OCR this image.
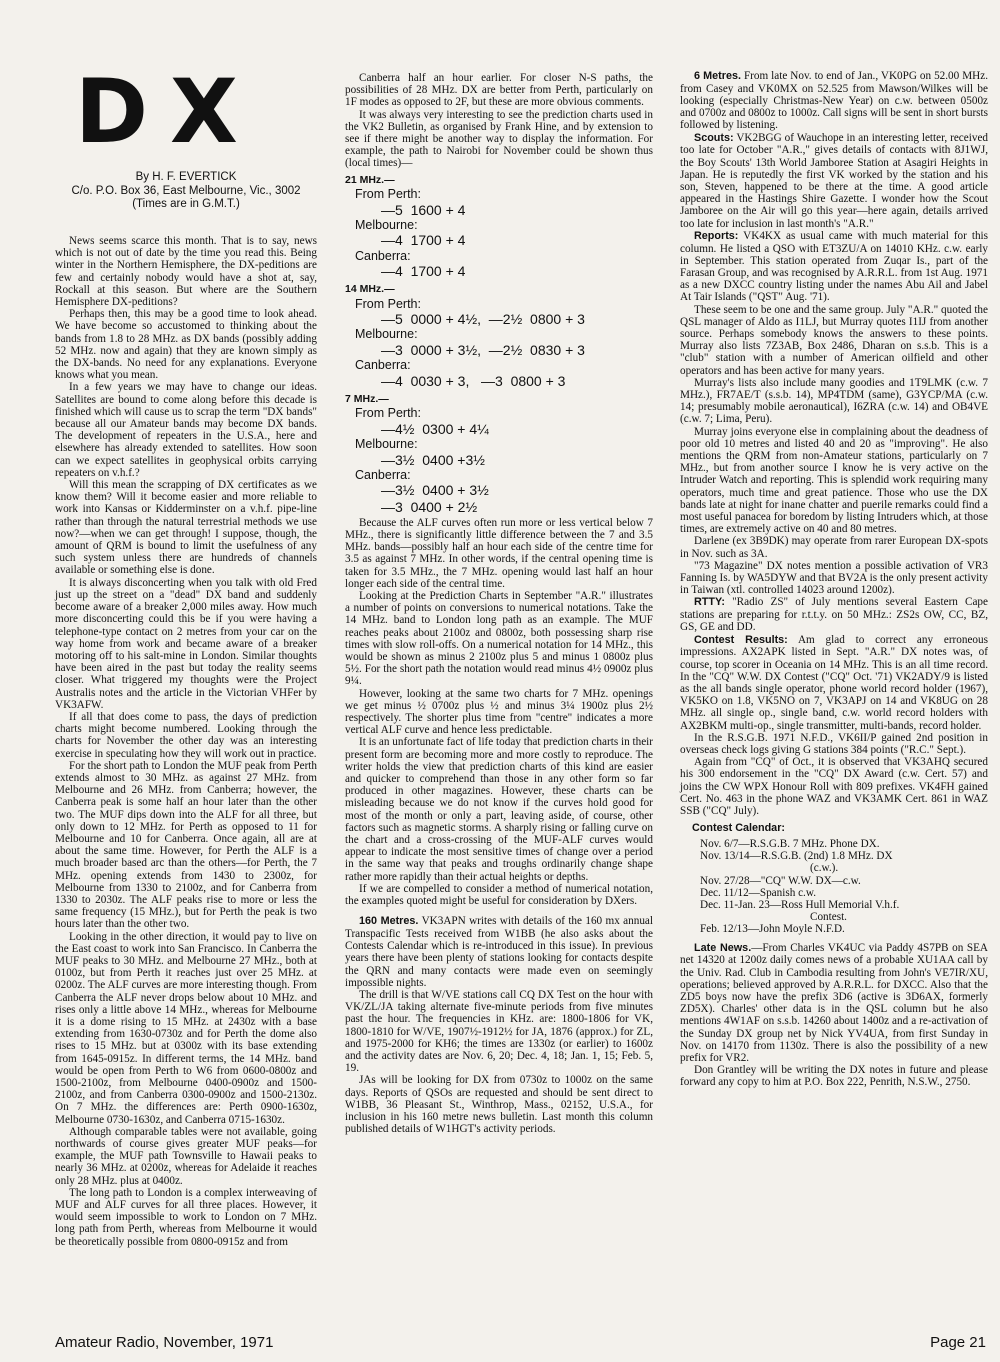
DX
By H. F. EVERTICK
C/o. P.O. Box 36, East Melbourne, Vic., 3002
(Times are in G.M.T.)

News seems scarce this month. That is to say, news which is not out of date by the time you read this. Being winter in the Northern Hemisphere, the DX-peditions are few and certainly nobody would have a shot at, say, Rockall at this season. But where are the Southern Hemisphere DX-peditions?

Perhaps then, this may be a good time to look ahead. We have become so accustomed to thinking about the bands from 1.8 to 28 MHz. as DX bands (possibly adding 52 MHz. now and again) that they are known simply as the DX-bands. No need for any explanations. Everyone knows what you mean.

In a few years we may have to change our ideas. Satellites are bound to come along before this decade is finished which will cause us to scrap the term "DX bands" because all our Amateur bands may become DX bands. The development of repeaters in the U.S.A., here and elsewhere has already extended to satellites. How soon can we expect satellites in geophysical orbits carrying repeaters on v.h.f.?

Will this mean the scrapping of DX certificates as we know them? Will it become easier and more reliable to work into Kansas or Kidderminster on a v.h.f. pipe-line rather than through the natural terrestrial methods we use now?—when we can get through! I suppose, though, the amount of QRM is bound to limit the usefulness of any such system unless there are hundreds of channels available or something else is done.

It is always disconcerting when you talk with old Fred just up the street on a "dead" DX band and suddenly become aware of a breaker 2,000 miles away. How much more disconcerting could this be if you were having a telephone-type contact on 2 metres from your car on the way home from work and became aware of a breaker motoring off to his salt-mine in London. Similar thoughts have been aired in the past but today the reality seems closer. What triggered my thoughts were the Project Australis notes and the article in the Victorian VHFer by VK3AFW.

If all that does come to pass, the days of prediction charts might become numbered. Looking through the charts for November the other day was an interesting exercise in speculating how they will work out in practice.

For the short path to London the MUF peak from Perth extends almost to 30 MHz. as against 27 MHz. from Melbourne and 26 MHz. from Canberra; however, the Canberra peak is some half an hour later than the other two. The MUF dips down into the ALF for all three, but only down to 12 MHz. for Perth as opposed to 11 for Melbourne and 10 for Canberra. Once again, all are at about the same time. However, for Perth the ALF is a much broader based arc than the others—for Perth, the 7 MHz. opening extends from 1430 to 2300z, for Melbourne from 1330 to 2100z, and for Canberra from 1330 to 2030z. The ALF peaks rise to more or less the same frequency (15 MHz.), but for Perth the peak is two hours later than the other two.

Looking in the other direction, it would pay to live on the East coast to work into San Francisco. In Canberra the MUF peaks to 30 MHz. and Melbourne 27 MHz., both at 0100z, but from Perth it reaches just over 25 MHz. at 0200z. The ALF curves are more interesting though. From Canberra the ALF never drops below about 10 MHz. and rises only a little above 14 MHz., whereas for Melbourne it is a dome rising to 15 MHz. at 2430z with a base extending from 1630-0730z and for Perth the dome also rises to 15 MHz. but at 0300z with its base extending from 1645-0915z. In different terms, the 14 MHz. band would be open from Perth to W6 from 0600-0800z and 1500-2100z, from Melbourne 0400-0900z and 1500-2100z, and from Canberra 0300-0900z and 1500-2130z. On 7 MHz. the differences are: Perth 0900-1630z, Melbourne 0730-1630z, and Canberra 0715-1630z.

Although comparable tables were not available, going northwards of course gives greater MUF peaks—for example, the MUF path Townsville to Hawaii peaks to nearly 36 MHz. at 0200z, whereas for Adelaide it reaches only 28 MHz. plus at 0400z.

The long path to London is a complex interweaving of MUF and ALF curves for all three places. However, it would seem impossible to work to London on 7 MHz. long path from Perth, whereas from Melbourne it would be theoretically possible from 0800-0915z and from

Canberra half an hour earlier. For closer N-S paths, the possibilities of 28 MHz. DX are better from Perth, particularly on 1F modes as opposed to 2F, but these are more obvious comments.

It was always very interesting to see the prediction charts used in the VK2 Bulletin, as organised by Frank Hine, and by extension to see if there might be another way to display the information. For example, the path to Nairobi for November could be shown thus (local times)—

21 MHz.—
From Perth:
—5  1600 + 4
Melbourne:
—4  1700 + 4
Canberra:
—4  1700 + 4
14 MHz.—
From Perth:
—5  0000 + 4½,  —2½  0800 + 3
Melbourne:
—3  0000 + 3½,  —2½  0830 + 3
Canberra:
—4  0030 + 3,   —3  0800 + 3
7 MHz.—
From Perth:
—4½  0300 + 4¼
Melbourne:
—3½  0400 +3½
Canberra:
—3½  0400 + 3½
—3  0400 + 2½

Because the ALF curves often run more or less vertical below 7 MHz., there is significantly little difference between the 7 and 3.5 MHz. bands—possibly half an hour each side of the centre time for 3.5 as against 7 MHz. In other words, if the central opening time is taken for 3.5 MHz., the 7 MHz. opening would last half an hour longer each side of the central time.

Looking at the Prediction Charts in September "A.R." illustrates a number of points on conversions to numerical notations. Take the 14 MHz. band to London long path as an example. The MUF reaches peaks about 2100z and 0800z, both possessing sharp rise times with slow roll-offs. On a numerical notation for 14 MHz., this would be shown as minus 2 2100z plus 5 and minus 1 0800z plus 5½. For the short path the notation would read minus 4½ 0900z plus 9¼.

However, looking at the same two charts for 7 MHz. openings we get minus ½ 0700z plus ½ and minus 3¼ 1900z plus 2½ respectively. The shorter plus time from "centre" indicates a more vertical ALF curve and hence less predictable.

It is an unfortunate fact of life today that prediction charts in their present form are becoming more and more costly to reproduce. The writer holds the view that prediction charts of this kind are easier and quicker to comprehend than those in any other form so far produced in other magazines. However, these charts can be misleading because we do not know if the curves hold good for most of the month or only a part, leaving aside, of course, other factors such as magnetic storms. A sharply rising or falling curve on the chart and a cross-crossing of the MUF-ALF curves would appear to indicate the most sensitive times of change over a period in the same way that peaks and troughs ordinarily change shape rather more rapidly than their actual heights or depths.

If we are compelled to consider a method of numerical notation, the examples quoted might be useful for consideration by DXers.

160 Metres. VK3APN writes with details of the 160 mx annual Transpacific Tests received from W1BB (he also asks about the Contests Calendar which is re-introduced in this issue). In previous years there have been plenty of stations looking for contacts despite the QRN and many contacts were made even on seemingly impossible nights.

The drill is that W/VE stations call CQ DX Test on the hour with VK/ZL/JA taking alternate five-minute periods from five minutes past the hour. The frequencies in KHz. are: 1800-1806 for VK, 1800-1810 for W/VE, 1907½-1912½ for JA, 1876 (approx.) for ZL, and 1975-2000 for KH6; the times are 1330z (or earlier) to 1600z and the activity dates are Nov. 6, 20; Dec. 4, 18; Jan. 1, 15; Feb. 5, 19.

JAs will be looking for DX from 0730z to 1000z on the same days. Reports of QSOs are requested and should be sent direct to W1BB, 36 Pleasant St., Winthrop, Mass., 02152, U.S.A., for inclusion in his 160 metre news bulletin. Last month this column published details of W1HGT's activity periods.

6 Metres. From late Nov. to end of Jan., VK0PG on 52.00 MHz. from Casey and VK0MX on 52.525 from Mawson/Wilkes will be looking (especially Christmas-New Year) on c.w. between 0500z and 0700z and 0800z to 1000z. Call signs will be sent in short bursts followed by listening.

Scouts: VK2BGG of Wauchope in an interesting letter, received too late for October "A.R.," gives details of contacts with 8J1WJ, the Boy Scouts' 13th World Jamboree Station at Asagiri Heights in Japan. He is reputedly the first VK worked by the station and his son, Steven, happened to be there at the time. A good article appeared in the Hastings Shire Gazette. I wonder how the Scout Jamboree on the Air will go this year—here again, details arrived too late for inclusion in last month's "A.R."

Reports: VK4KX as usual came with much material for this column. He listed a QSO with ET3ZU/A on 14010 KHz. c.w. early in September. This station operated from Zuqar Is., part of the Farasan Group, and was recognised by A.R.R.L. from 1st Aug. 1971 as a new DXCC country listing under the names Abu Ail and Jabel At Tair Islands ("QST" Aug. '71).

These seem to be one and the same group. July "A.R." quoted the QSL manager of Aldo as I1LJ, but Murray quotes I1IJ from another source. Perhaps somebody knows the answers to these points. Murray also lists 7Z3AB, Box 2486, Dharan on s.s.b. This is a "club" station with a number of American oilfield and other operators and has been active for many years.

Murray's lists also include many goodies and 1T9LMK (c.w. 7 MHz.), FR7AE/T (s.s.b. 14), MP4TDM (same), G3YCP/MA (c.w. 14; presumably mobile aeronautical), I6ZRA (c.w. 14) and OB4VE (c.w. 7; Lima, Peru).

Murray joins everyone else in complaining about the deadness of poor old 10 metres and listed 40 and 20 as "improving". He also mentions the QRM from non-Amateur stations, particularly on 7 MHz., but from another source I know he is very active on the Intruder Watch and reporting. This is splendid work requiring many operators, much time and great patience. Those who use the DX bands late at night for inane chatter and puerile remarks could find a most useful panacea for boredom by listing Intruders which, at those times, are extremely active on 40 and 80 metres.

Darlene (ex 3B9DK) may operate from rarer European DX-spots in Nov. such as 3A.

"73 Magazine" DX notes mention a possible activation of VR3 Fanning Is. by WA5DYW and that BV2A is the only present activity in Taiwan (xtl. controlled 14023 around 1200z).

RTTY: "Radio ZS" of July mentions several Eastern Cape stations are preparing for r.t.t.y. on 50 MHz.: ZS2s OW, CC, BZ, GS, GE and DD.

Contest Results: Am glad to correct any erroneous impressions. AX2APK listed in Sept. "A.R." DX notes was, of course, top scorer in Oceania on 14 MHz. This is an all time record. In the "CQ" W.W. DX Contest ("CQ" Oct. '71) VK2ADY/9 is listed as the all bands single operator, phone world record holder (1967), VK5KO on 1.8, VK5NO on 7, VK3APJ on 14 and VK8UG on 28 MHz. all single op., single band, c.w. world record holders with AX2BKM multi-op., single transmitter, multi-bands, record holder.

In the R.S.G.B. 1971 N.F.D., VK6II/P gained 2nd position in overseas check logs giving G stations 384 points ("R.C." Sept.).

Again from "CQ" of Oct., it is observed that VK3AHQ secured his 300 endorsement in the "CQ" DX Award (c.w. Cert. 57) and joins the CW WPX Honour Roll with 809 prefixes. VK4FH gained Cert. No. 463 in the phone WAZ and VK3AMK Cert. 861 in WAZ SSB ("CQ" July).

Contest Calendar:
Nov. 6/7—R.S.G.B. 7 MHz. Phone DX.
Nov. 13/14—R.S.G.B. (2nd) 1.8 MHz. DX
(c.w.).
Nov. 27/28—"CQ" W.W. DX—c.w.
Dec. 11/12—Spanish c.w.
Dec. 11-Jan. 23—Ross Hull Memorial V.h.f.
Contest.
Feb. 12/13—John Moyle N.F.D.

Late News.—From Charles VK4UC via Paddy 4S7PB on SEA net 14320 at 1200z daily comes news of a probable XU1AA call by the Univ. Rad. Club in Cambodia resulting from John's VE7IR/XU, operations; believed approved by A.R.R.L. for DXCC. Also that the ZD5 boys now have the prefix 3D6 (active is 3D6AX, formerly ZD5X). Charles' other data is in the QSL column but he also mentions 4W1AF on s.s.b. 14260 about 1400z and a re-activation of the Sunday DX group net by Nick YV4UA, from first Sunday in Nov. on 14170 from 1130z. There is also the possibility of a new prefix for VR2.

Don Grantley will be writing the DX notes in future and please forward any copy to him at P.O. Box 222, Penrith, N.S.W., 2750.

Amateur Radio, November, 1971	Page 21
